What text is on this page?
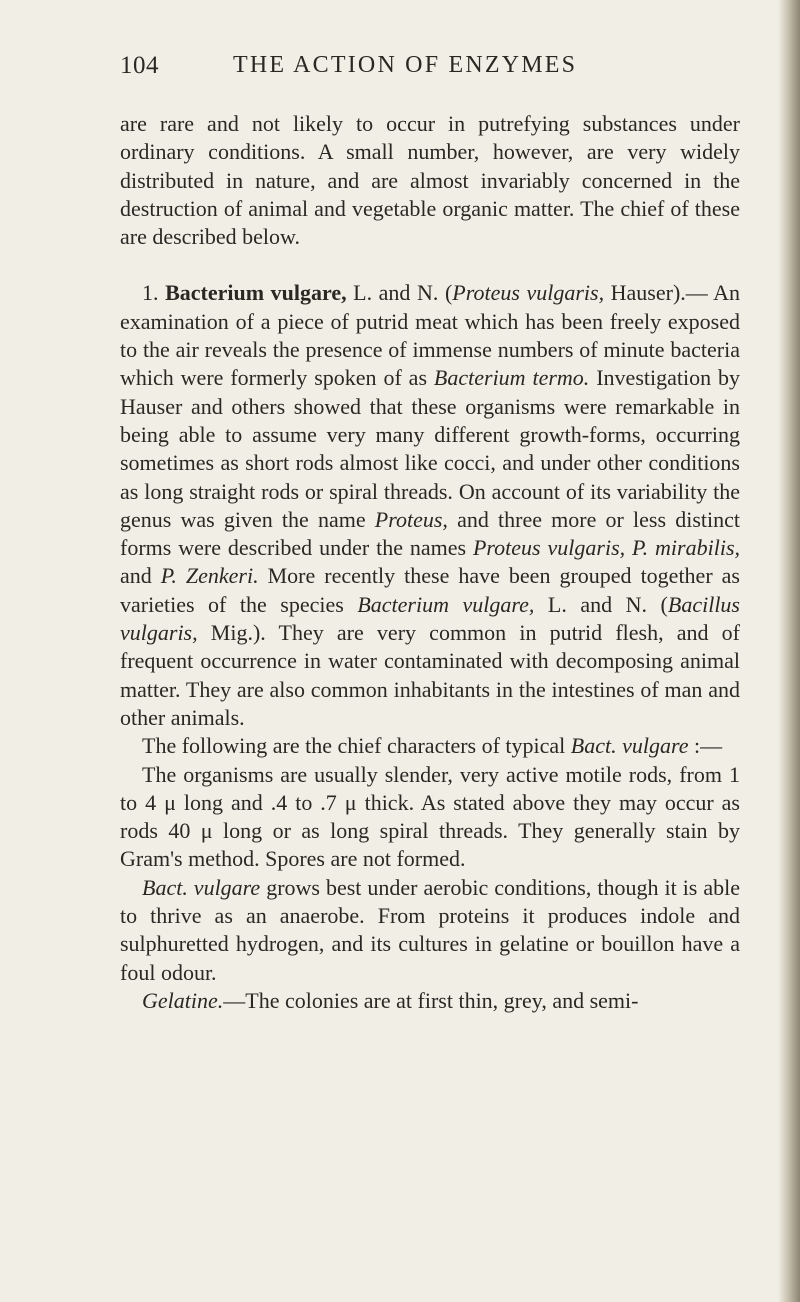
104	THE ACTION OF ENZYMES

are rare and not likely to occur in putrefying substances under ordinary conditions. A small number, however, are very widely distributed in nature, and are almost invariably concerned in the destruction of animal and vegetable organic matter. The chief of these are described below.

1. Bacterium vulgare, L. and N. (Proteus vulgaris, Hauser).— An examination of a piece of putrid meat which has been freely exposed to the air reveals the presence of immense numbers of minute bacteria which were formerly spoken of as Bacterium termo. Investigation by Hauser and others showed that these organisms were remarkable in being able to assume very many different growth-forms, occurring sometimes as short rods almost like cocci, and under other conditions as long straight rods or spiral threads. On account of its variability the genus was given the name Proteus, and three more or less distinct forms were described under the names Proteus vulgaris, P. mirabilis, and P. Zenkeri. More recently these have been grouped together as varieties of the species Bacterium vulgare, L. and N. (Bacillus vulgaris, Mig.). They are very common in putrid flesh, and of frequent occurrence in water contaminated with decomposing animal matter. They are also common inhabitants in the intestines of man and other animals.

The following are the chief characters of typical Bact. vulgare :—

The organisms are usually slender, very active motile rods, from 1 to 4 μ long and .4 to .7 μ thick. As stated above they may occur as rods 40 μ long or as long spiral threads. They generally stain by Gram's method. Spores are not formed.

Bact. vulgare grows best under aerobic conditions, though it is able to thrive as an anaerobe. From proteins it produces indole and sulphuretted hydrogen, and its cultures in gelatine or bouillon have a foul odour.

Gelatine.—The colonies are at first thin, grey, and semi-
